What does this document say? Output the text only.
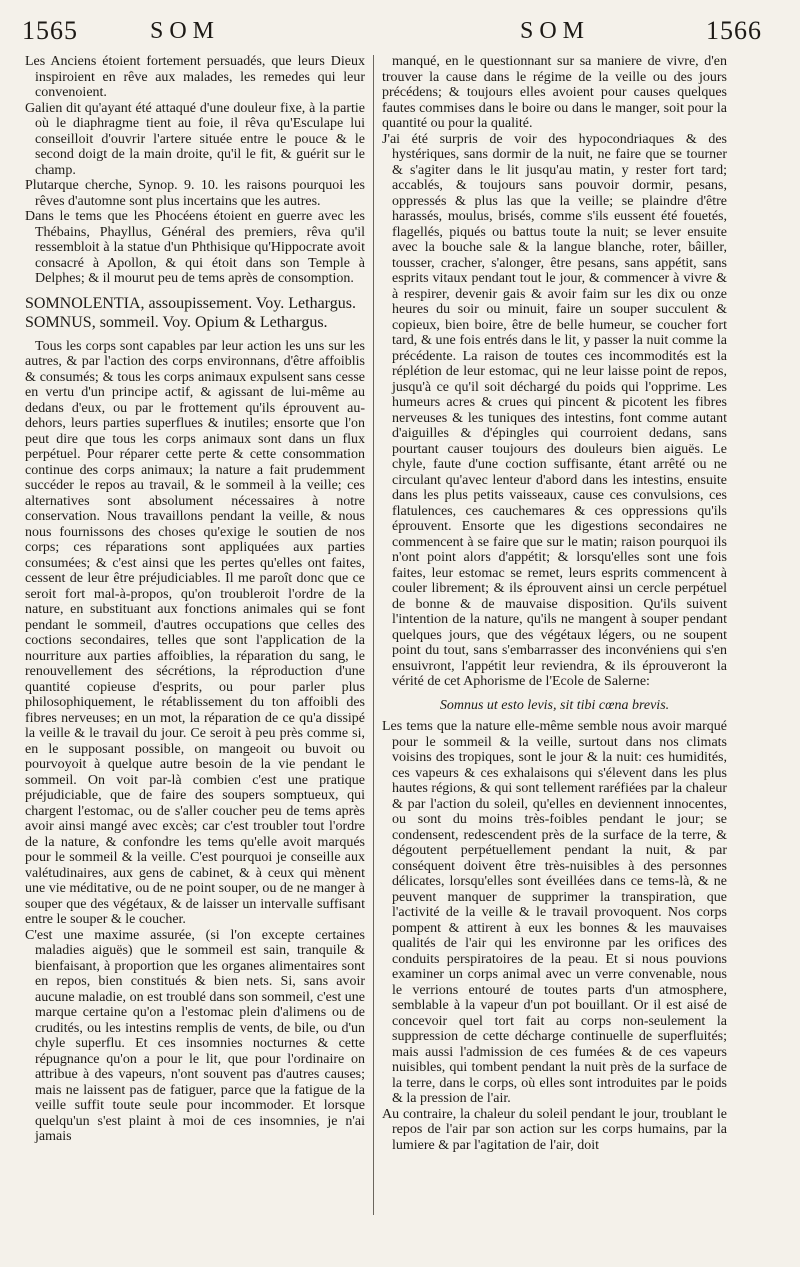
1565	SOM	SOM	1566

Les Anciens étoient fortement persuadés, que leurs Dieux inspiroient en rêve aux malades, les remedes qui leur convenoient.

Galien dit qu'ayant été attaqué d'une douleur fixe, à la partie où le diaphragme tient au foie, il rêva qu'Esculape lui conseilloit d'ouvrir l'artere située entre le pouce & le second doigt de la main droite, qu'il le fit, & guérit sur le champ.

Plutarque cherche, Synop. 9. 10. les raisons pourquoi les rêves d'automne sont plus incertains que les autres.

Dans le tems que les Phocéens étoient en guerre avec les Thébains, Phayllus, Général des premiers, rêva qu'il ressembloit à la statue d'un Phthisique qu'Hippocrate avoit consacré à Apollon, & qui étoit dans son Temple à Delphes; & il mourut peu de tems après de consomption.

SOMNOLENTIA, assoupissement. Voy. Lethargus.

SOMNUS, sommeil. Voy. Opium & Lethargus.

Tous les corps sont capables par leur action les uns sur les autres, & par l'action des corps environnans, d'être affoiblis & consumés; & tous les corps animaux expulsent sans cesse en vertu d'un principe actif, & agissant de lui-même au dedans d'eux, ou par le frottement qu'ils éprouvent au-dehors, leurs parties superflues & inutiles; ensorte que l'on peut dire que tous les corps animaux sont dans un flux perpétuel. Pour réparer cette perte & cette consommation continue des corps animaux; la nature a fait prudemment succéder le repos au travail, & le sommeil à la veille; ces alternatives sont absolument nécessaires à notre conservation. Nous travaillons pendant la veille, & nous nous fournissons des choses qu'exige le soutien de nos corps; ces réparations sont appliquées aux parties consumées; & c'est ainsi que les pertes qu'elles ont faites, cessent de leur être préjudiciables. Il me paroît donc que ce seroit fort mal-à-propos, qu'on troubleroit l'ordre de la nature, en substituant aux fonctions animales qui se font pendant le sommeil, d'autres occupations que celles des coctions secondaires, telles que sont l'application de la nourriture aux parties affoiblies, la réparation du sang, le renouvellement des sécrétions, la réproduction d'une quantité copieuse d'esprits, ou pour parler plus philosophiquement, le rétablissement du ton affoibli des fibres nerveuses; en un mot, la réparation de ce qu'a dissipé la veille & le travail du jour. Ce seroit à peu près comme si, en le supposant possible, on mangeoit ou buvoit ou pourvoyoit à quelque autre besoin de la vie pendant le sommeil. On voit par-là combien c'est une pratique préjudiciable, que de faire des soupers somptueux, qui chargent l'estomac, ou de s'aller coucher peu de tems après avoir ainsi mangé avec excès; car c'est troubler tout l'ordre de la nature, & confondre les tems qu'elle avoit marqués pour le sommeil & la veille. C'est pourquoi je conseille aux valétudinaires, aux gens de cabinet, & à ceux qui mènent une vie méditative, ou de ne point souper, ou de ne manger à souper que des végétaux, & de laisser un intervalle suffisant entre le souper & le coucher.

C'est une maxime assurée, (si l'on excepte certaines maladies aiguës) que le sommeil est sain, tranquile & bienfaisant, à proportion que les organes alimentaires sont en repos, bien constitués & bien nets. Si, sans avoir aucune maladie, on est troublé dans son sommeil, c'est une marque certaine qu'on a l'estomac plein d'alimens ou de crudités, ou les intestins remplis de vents, de bile, ou d'un chyle superflu. Et ces insomnies nocturnes & cette répugnance qu'on a pour le lit, que pour l'ordinaire on attribue à des vapeurs, n'ont souvent pas d'autres causes; mais ne laissent pas de fatiguer, parce que la fatigue de la veille suffit toute seule pour incommoder. Et lorsque quelqu'un s'est plaint à moi de ces insomnies, je n'ai jamais

manqué, en le questionnant sur sa maniere de vivre, d'en trouver la cause dans le régime de la veille ou des jours précédens; & toujours elles avoient pour causes quelques fautes commises dans le boire ou dans le manger, soit pour la quantité ou pour la qualité.

J'ai été surpris de voir des hypocondriaques & des hystériques, sans dormir de la nuit, ne faire que se tourner & s'agiter dans le lit jusqu'au matin, y rester fort tard; accablés, & toujours sans pouvoir dormir, pesans, oppressés & plus las que la veille; se plaindre d'être harassés, moulus, brisés, comme s'ils eussent été fouetés, flagellés, piqués ou battus toute la nuit; se lever ensuite avec la bouche sale & la langue blanche, roter, bâiller, tousser, cracher, s'alonger, être pesans, sans appétit, sans esprits vitaux pendant tout le jour, & commencer à vivre & à respirer, devenir gais & avoir faim sur les dix ou onze heures du soir ou minuit, faire un souper succulent & copieux, bien boire, être de belle humeur, se coucher fort tard, & une fois entrés dans le lit, y passer la nuit comme la précédente. La raison de toutes ces incommodités est la réplétion de leur estomac, qui ne leur laisse point de repos, jusqu'à ce qu'il soit déchargé du poids qui l'opprime. Les humeurs acres & crues qui pincent & picotent les fibres nerveuses & les tuniques des intestins, font comme autant d'aiguilles & d'épingles qui courroient dedans, sans pourtant causer toujours des douleurs bien aiguës. Le chyle, faute d'une coction suffisante, étant arrêté ou ne circulant qu'avec lenteur d'abord dans les intestins, ensuite dans les plus petits vaisseaux, cause ces convulsions, ces flatulences, ces cauchemares & ces oppressions qu'ils éprouvent. Ensorte que les digestions secondaires ne commencent à se faire que sur le matin; raison pourquoi ils n'ont point alors d'appétit; & lorsqu'elles sont une fois faites, leur estomac se remet, leurs esprits commencent à couler librement; & ils éprouvent ainsi un cercle perpétuel de bonne & de mauvaise disposition. Qu'ils suivent l'intention de la nature, qu'ils ne mangent à souper pendant quelques jours, que des végétaux légers, ou ne soupent point du tout, sans s'embarrasser des inconvéniens qui s'en ensuivront, l'appétit leur reviendra, & ils éprouveront la vérité de cet Aphorisme de l'Ecole de Salerne:

Somnus ut esto levis, sit tibi cœna brevis.

Les tems que la nature elle-même semble nous avoir marqué pour le sommeil & la veille, surtout dans nos climats voisins des tropiques, sont le jour & la nuit: ces humidités, ces vapeurs & ces exhalaisons qui s'élevent dans les plus hautes régions, & qui sont tellement raréfiées par la chaleur & par l'action du soleil, qu'elles en deviennent innocentes, ou sont du moins très-foibles pendant le jour; se condensent, redescendent près de la surface de la terre, & dégoutent perpétuellement pendant la nuit, & par conséquent doivent être très-nuisibles à des personnes délicates, lorsqu'elles sont éveillées dans ce tems-là, & ne peuvent manquer de supprimer la transpiration, que l'activité de la veille & le travail provoquent. Nos corps pompent & attirent à eux les bonnes & les mauvaises qualités de l'air qui les environne par les orifices des conduits perspiratoires de la peau. Et si nous pouvions examiner un corps animal avec un verre convenable, nous le verrions entouré de toutes parts d'un atmosphere, semblable à la vapeur d'un pot bouillant. Or il est aisé de concevoir quel tort fait au corps non-seulement la suppression de cette décharge continuelle de superfluités; mais aussi l'admission de ces fumées & de ces vapeurs nuisibles, qui tombent pendant la nuit près de la surface de la terre, dans le corps, où elles sont introduites par le poids & la pression de l'air.

Au contraire, la chaleur du soleil pendant le jour, troublant le repos de l'air par son action sur les corps humains, par la lumiere & par l'agitation de l'air, doit
